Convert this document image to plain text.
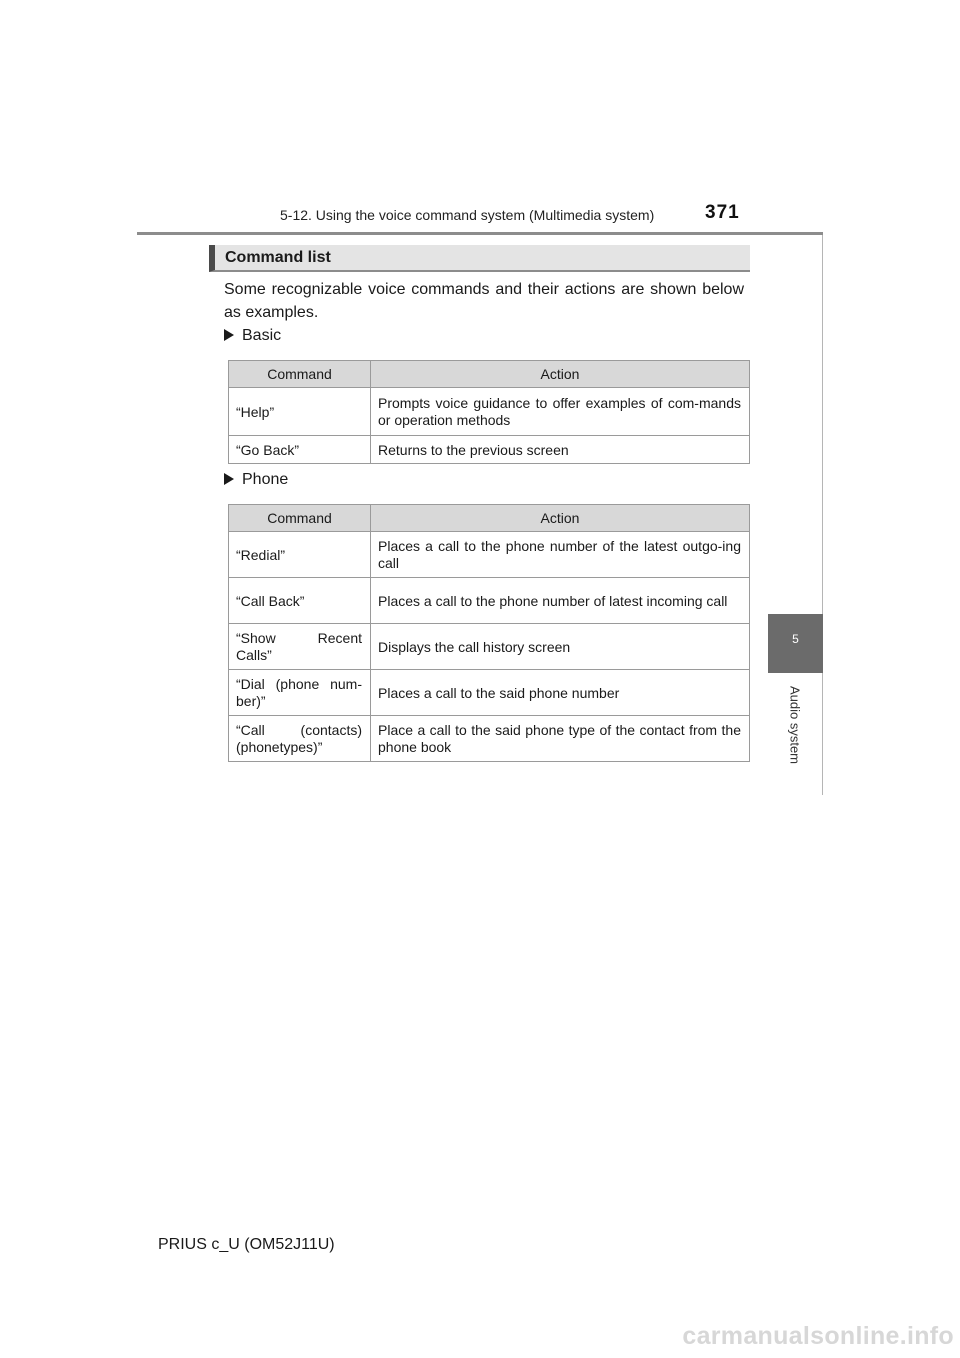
5-12. Using the voice command system (Multimedia system)	371
5
Audio system
Command list
Some recognizable voice commands and their actions are shown below as examples.
Basic
Command	Action
“Help”	Prompts voice guidance to offer examples of com-mands or operation methods
“Go Back”	Returns to the previous screen
Phone
Command	Action
“Redial”	Places a call to the phone number of the latest outgo-ing call
“Call Back”	Places a call to the phone number of latest incoming call
“Show Recent Calls”	Displays the call history screen
“Dial (phone num-ber)”	Places a call to the said phone number
“Call (contacts) (phonetypes)”	Place a call to the said phone type of the contact from the phone book
PRIUS c_U (OM52J11U)
carmanualsonline.info
